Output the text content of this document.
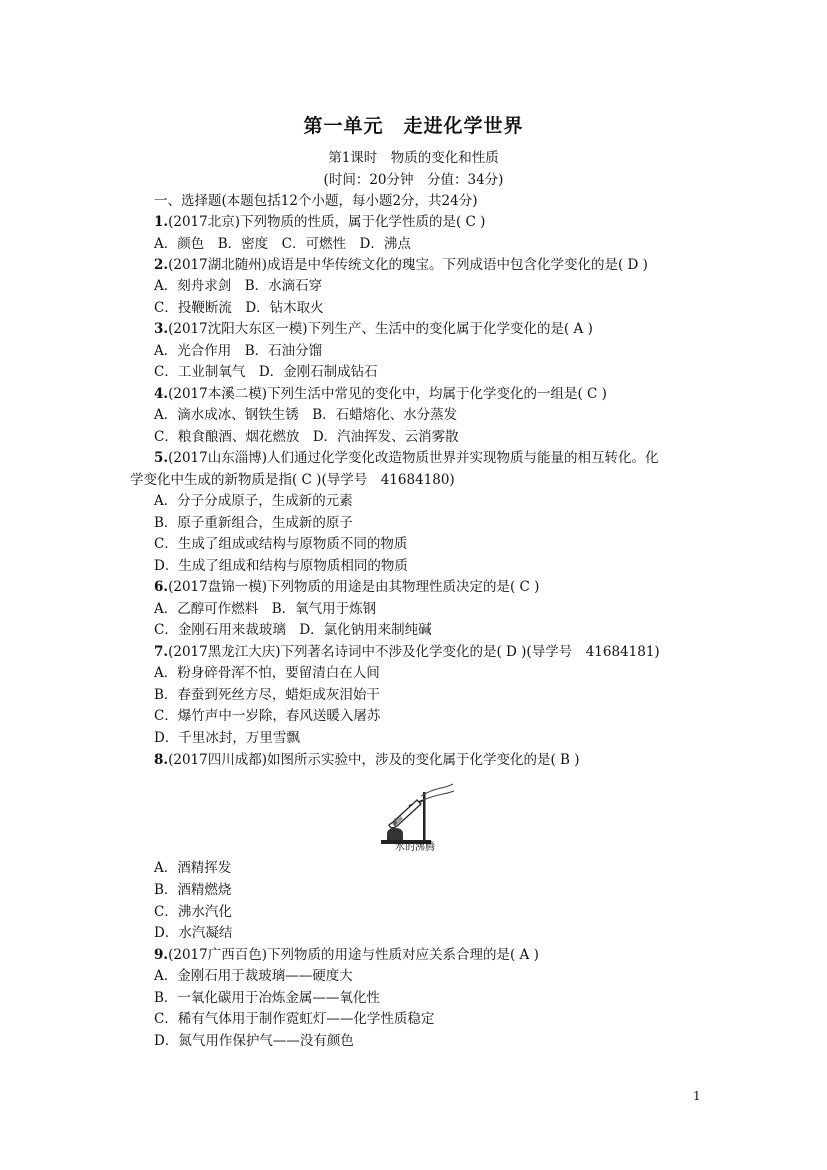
第一单元　走进化学世界
第1课时　物质的变化和性质
(时间：20分钟　分值：34分)
一、选择题(本题包括12个小题，每小题2分，共24分)
1.(2017北京)下列物质的性质，属于化学性质的是( C )
A．颜色　B．密度　C．可燃性　D．沸点
2.(2017湖北随州)成语是中华传统文化的瑰宝。下列成语中包含化学变化的是( D )
A．刻舟求剑　B．水滴石穿
C．投鞭断流　D．钻木取火
3.(2017沈阳大东区一模)下列生产、生活中的变化属于化学变化的是( A )
A．光合作用　B．石油分馏
C．工业制氧气　D．金刚石制成钻石
4.(2017本溪二模)下列生活中常见的变化中，均属于化学变化的一组是( C )
A．滴水成冰、钢铁生锈　B．石蜡熔化、水分蒸发
C．粮食酿酒、烟花燃放　D．汽油挥发、云消雾散
5.(2017山东淄博)人们通过化学变化改造物质世界并实现物质与能量的相互转化。化
学变化中生成的新物质是指( C )(导学号　41684180)
A．分子分成原子，生成新的元素
B．原子重新组合，生成新的原子
C．生成了组成或结构与原物质不同的物质
D．生成了组成和结构与原物质相同的物质
6.(2017盘锦一模)下列物质的用途是由其物理性质决定的是( C )
A．乙醇可作燃料　B．氧气用于炼钢
C．金刚石用来裁玻璃　D．氯化钠用来制纯碱
7.(2017黑龙江大庆)下列著名诗词中不涉及化学变化的是( D )(导学号　41684181)
A．粉身碎骨浑不怕，要留清白在人间
B．春蚕到死丝方尽，蜡炬成灰泪始干
C．爆竹声中一岁除，春风送暖入屠苏
D．千里冰封，万里雪飘
8.(2017四川成都)如图所示实验中，涉及的变化属于化学变化的是( B )
水的沸腾
A．酒精挥发
B．酒精燃烧
C．沸水汽化
D．水汽凝结
9.(2017广西百色)下列物质的用途与性质对应关系合理的是( A )
A．金刚石用于裁玻璃——硬度大
B．一氧化碳用于冶炼金属——氧化性
C．稀有气体用于制作霓虹灯——化学性质稳定
D．氮气用作保护气——没有颜色
1
